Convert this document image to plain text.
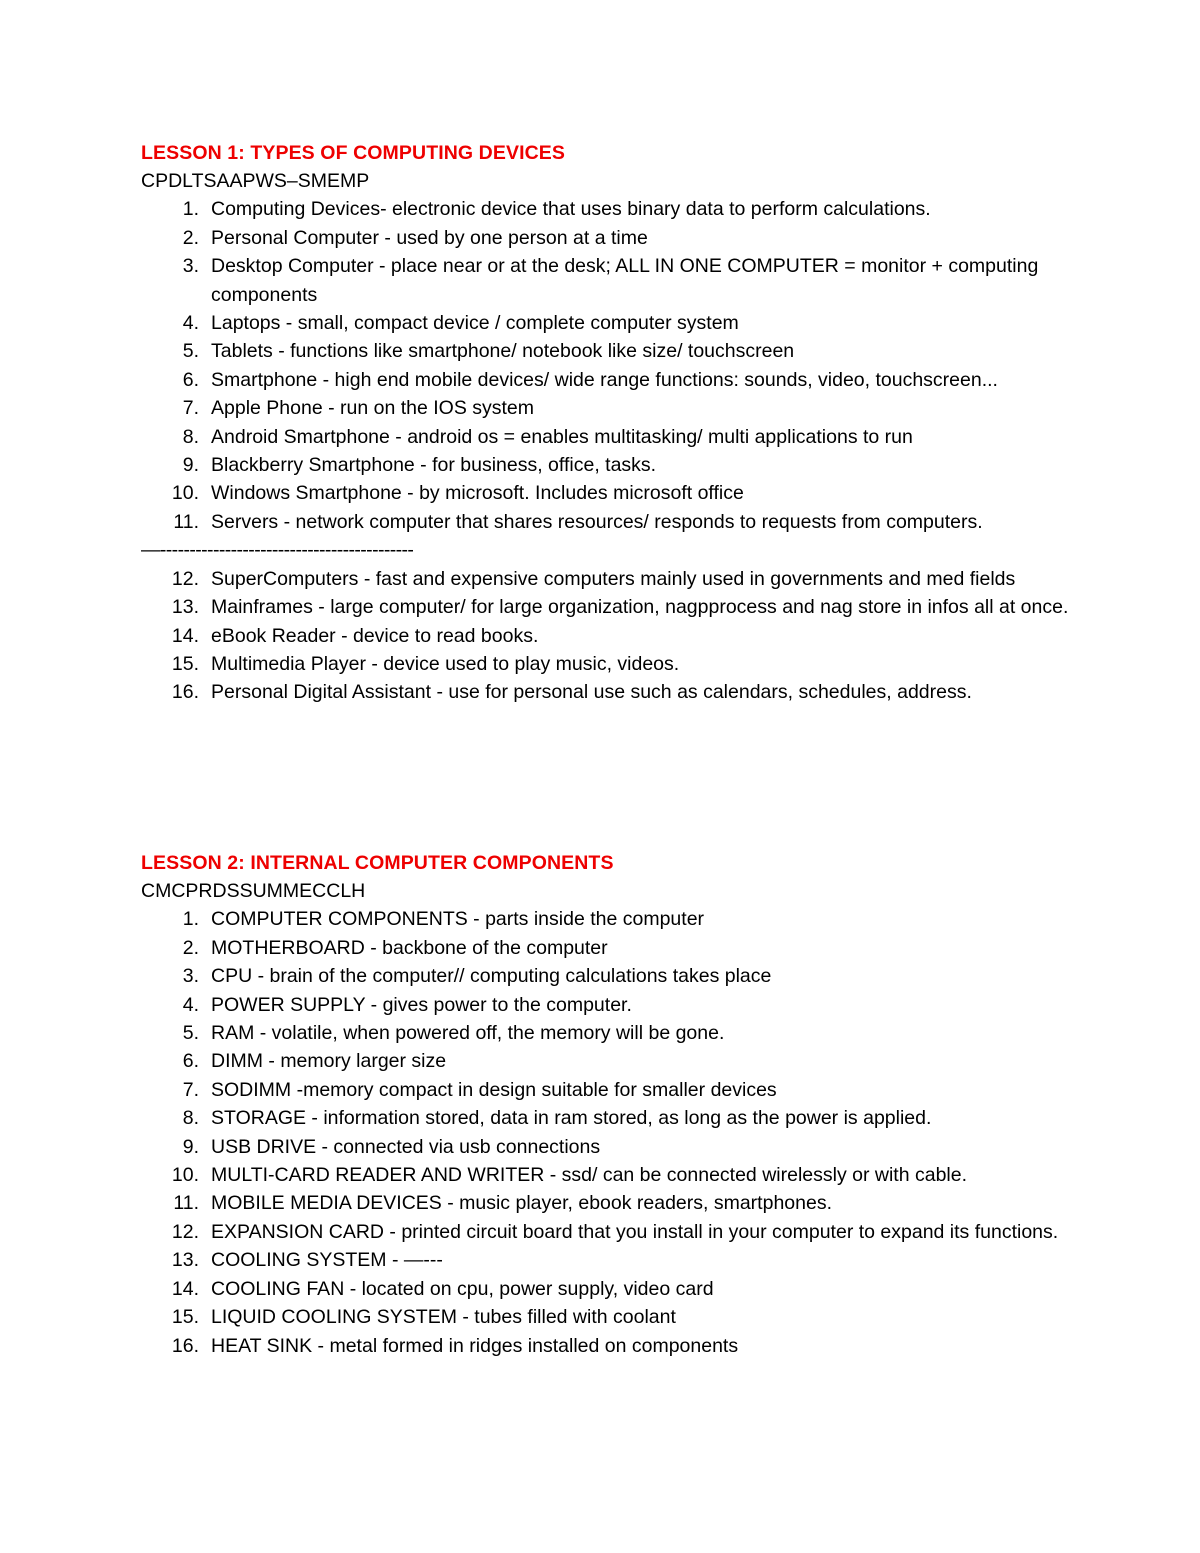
LESSON 1: TYPES OF COMPUTING DEVICES

CPDLTSAAPWS–SMEMP

1. Computing Devices- electronic device that uses binary data to perform calculations.
2. Personal Computer - used by one person at a time
3. Desktop Computer - place near or at the desk; ALL IN ONE COMPUTER = monitor + computing components
4. Laptops - small, compact device / complete computer system
5. Tablets - functions like smartphone/ notebook like size/ touchscreen
6. Smartphone - high end mobile devices/ wide range functions: sounds, video, touchscreen...
7. Apple Phone - run on the IOS system
8. Android Smartphone - android os = enables multitasking/ multi applications to run
9. Blackberry Smartphone - for business, office, tasks.
10. Windows Smartphone - by microsoft. Includes microsoft office
11. Servers - network computer that shares resources/ responds to requests from computers.

—-------------------------------------------

12. SuperComputers - fast and expensive computers mainly used in governments and med fields
13. Mainframes - large computer/ for large organization, nagpprocess and nag store in infos all at once.
14. eBook Reader - device to read books.
15. Multimedia Player - device used to play music, videos.
16. Personal Digital Assistant - use for personal use such as calendars, schedules, address.
LESSON 2: INTERNAL COMPUTER COMPONENTS

CMCPRDSSUMMECCLH

1. COMPUTER COMPONENTS - parts inside the computer
2. MOTHERBOARD - backbone of the computer
3. CPU - brain of the computer// computing calculations takes place
4. POWER SUPPLY - gives power to the computer.
5. RAM - volatile, when powered off, the memory will be gone.
6. DIMM - memory larger size
7. SODIMM -memory compact in design suitable for smaller devices
8. STORAGE - information stored, data in ram stored, as long as the power is applied.
9. USB DRIVE - connected via usb connections
10. MULTI-CARD READER AND WRITER - ssd/ can be connected wirelessly or with cable.
11. MOBILE MEDIA DEVICES - music player, ebook readers, smartphones.
12. EXPANSION CARD - printed circuit board that you install in your computer to expand its functions.
13. COOLING SYSTEM - —---
14. COOLING FAN - located on cpu, power supply, video card
15. LIQUID COOLING SYSTEM - tubes filled with coolant
16. HEAT SINK - metal formed in ridges installed on components
